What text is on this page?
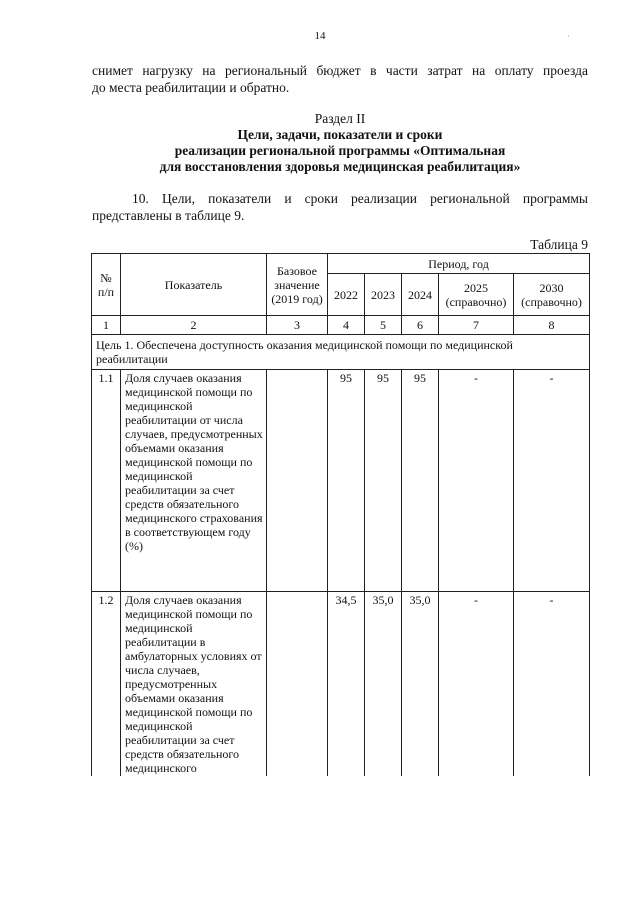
14	·
снимет нагрузку на региональный бюджет в части затрат на оплату проезда
до места реабилитации и обратно.
Раздел II
Цели, задачи, показатели и сроки
реализации региональной программы «Оптимальная
для восстановления здоровья медицинская реабилитация»
10. Цели, показатели и сроки реализации региональной программы
представлены в таблице 9.
Таблица 9
№ п/п	Показатель	Базовое значение (2019 год)	Период, год				
			2022	2023	2024	2025 (справочно)	2030 (справочно)
1	2	3	4	5	6	7	8
Цель 1. Обеспечена доступность оказания медицинской помощи по медицинской реабилитации							
1.1	Доля случаев оказания медицинской помощи по медицинской реабилитации от числа случаев, предусмотренных объемами оказания медицинской помощи по медицинской реабилитации за счет средств обязательного медицинского страхования в соответствующем году (%)		95	95	95	-	-
1.2	Доля случаев оказания медицинской помощи по медицинской реабилитации в амбулаторных условиях от числа случаев, предусмотренных объемами оказания медицинской помощи по медицинской реабилитации за счет средств обязательного медицинского		34,5	35,0	35,0	-	-
